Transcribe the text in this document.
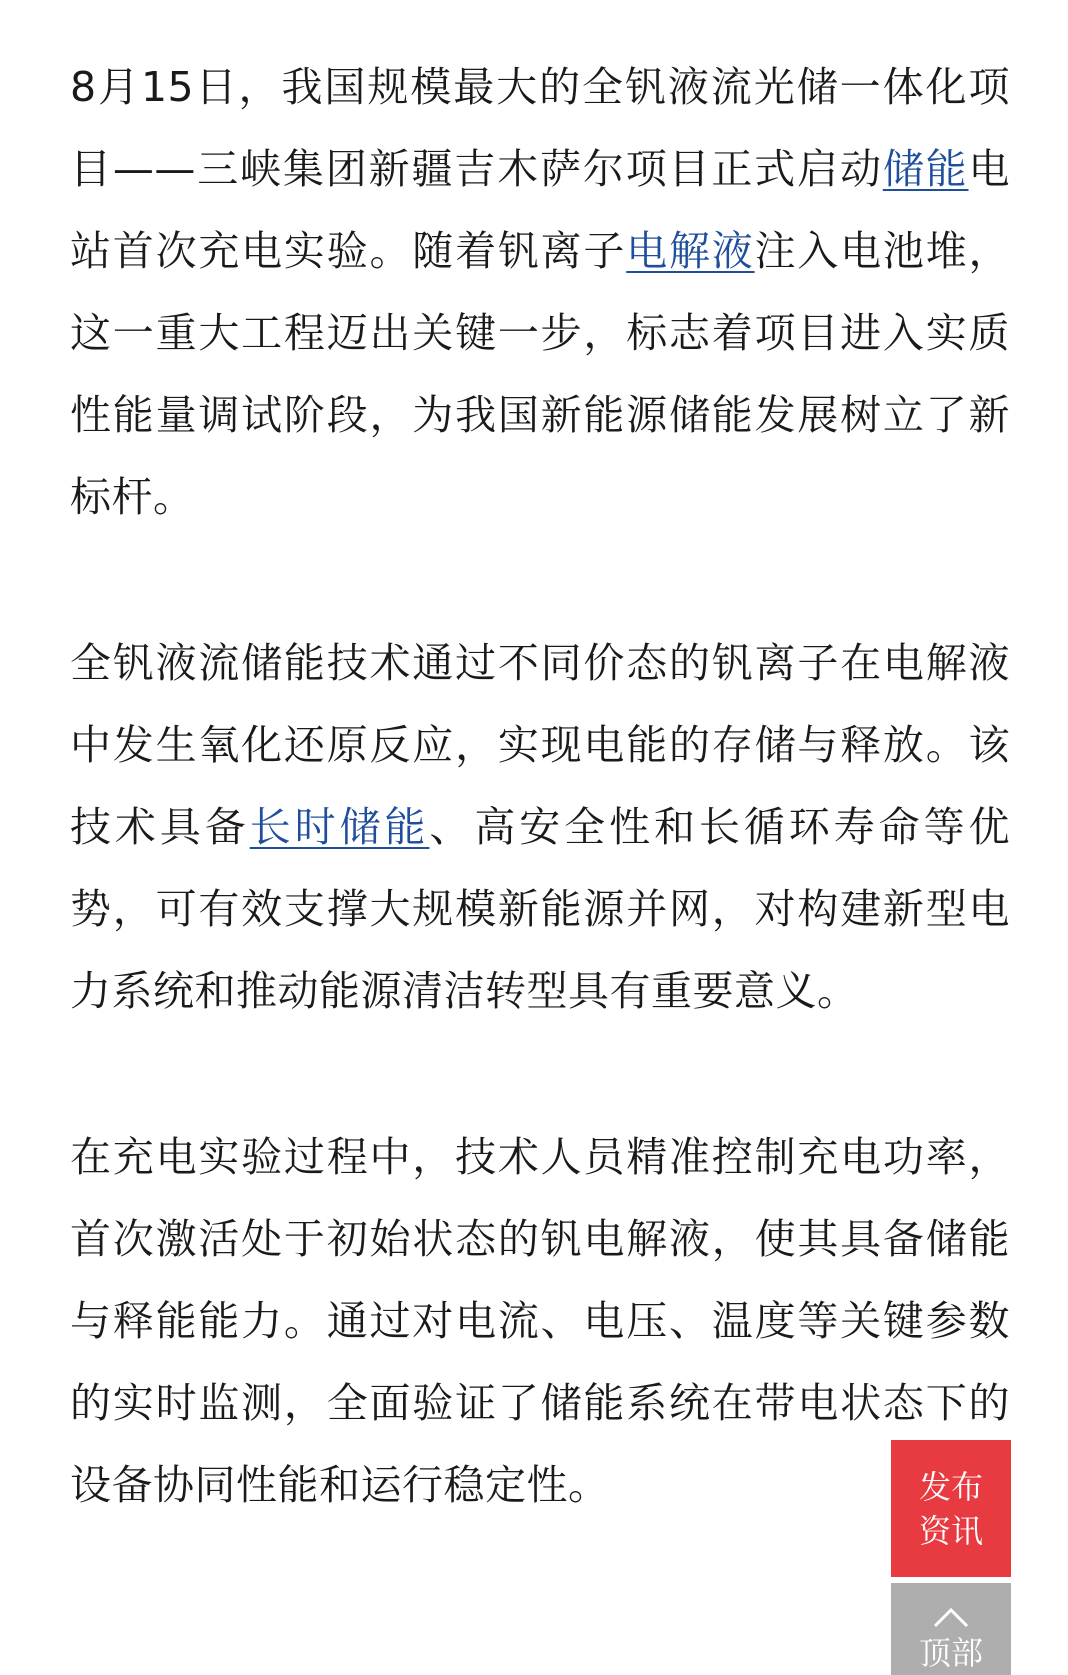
8月15日，我国规模最大的全钒液流光储一体化项目——三峡集团新疆吉木萨尔项目正式启动储能电站首次充电实验。随着钒离子电解液注入电池堆，这一重大工程迈出关键一步，标志着项目进入实质性能量调试阶段，为我国新能源储能发展树立了新标杆。

全钒液流储能技术通过不同价态的钒离子在电解液中发生氧化还原反应，实现电能的存储与释放。该技术具备长时储能、高安全性和长循环寿命等优势，可有效支撑大规模新能源并网，对构建新型电力系统和推动能源清洁转型具有重要意义。

在充电实验过程中，技术人员精准控制充电功率，首次激活处于初始状态的钒电解液，使其具备储能与释能能力。通过对电流、电压、温度等关键参数的实时监测，全面验证了储能系统在带电状态下的设备协同性能和运行稳定性。	发布资讯
顶部
